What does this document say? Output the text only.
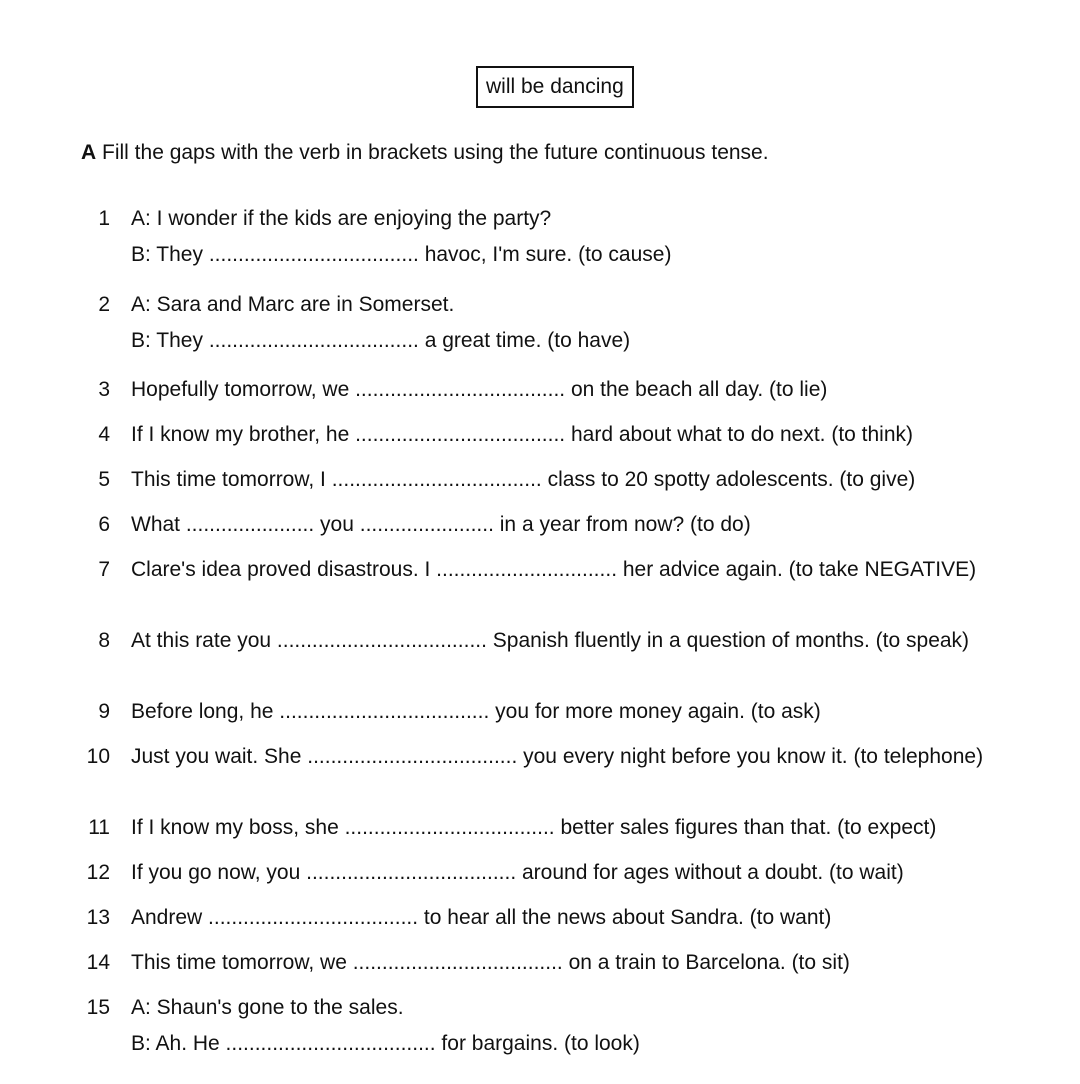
will be dancing
A Fill the gaps with the verb in brackets using the future continuous tense.
1 A: I wonder if the kids are enjoying the party?
B: They .................................... havoc, I'm sure. (to cause)
2 A: Sara and Marc are in Somerset.
B: They .................................... a great time. (to have)
3 Hopefully tomorrow, we .................................... on the beach all day. (to lie)
4 If I know my brother, he .................................... hard about what to do next. (to think)
5 This time tomorrow, I .................................... class to 20 spotty adolescents. (to give)
6 What ...................... you ....................... in a year from now? (to do)
7 Clare's idea proved disastrous. I ............................... her advice again. (to take NEGATIVE)
8 At this rate you .................................... Spanish fluently in a question of months. (to speak)
9 Before long, he .................................... you for more money again. (to ask)
10 Just you wait. She .................................... you every night before you know it. (to telephone)
11 If I know my boss, she .................................... better sales figures than that. (to expect)
12 If you go now, you .................................... around for ages without a doubt. (to wait)
13 Andrew .................................... to hear all the news about Sandra. (to want)
14 This time tomorrow, we .................................... on a train to Barcelona. (to sit)
15 A: Shaun's gone to the sales.
B: Ah. He .................................... for bargains. (to look)
